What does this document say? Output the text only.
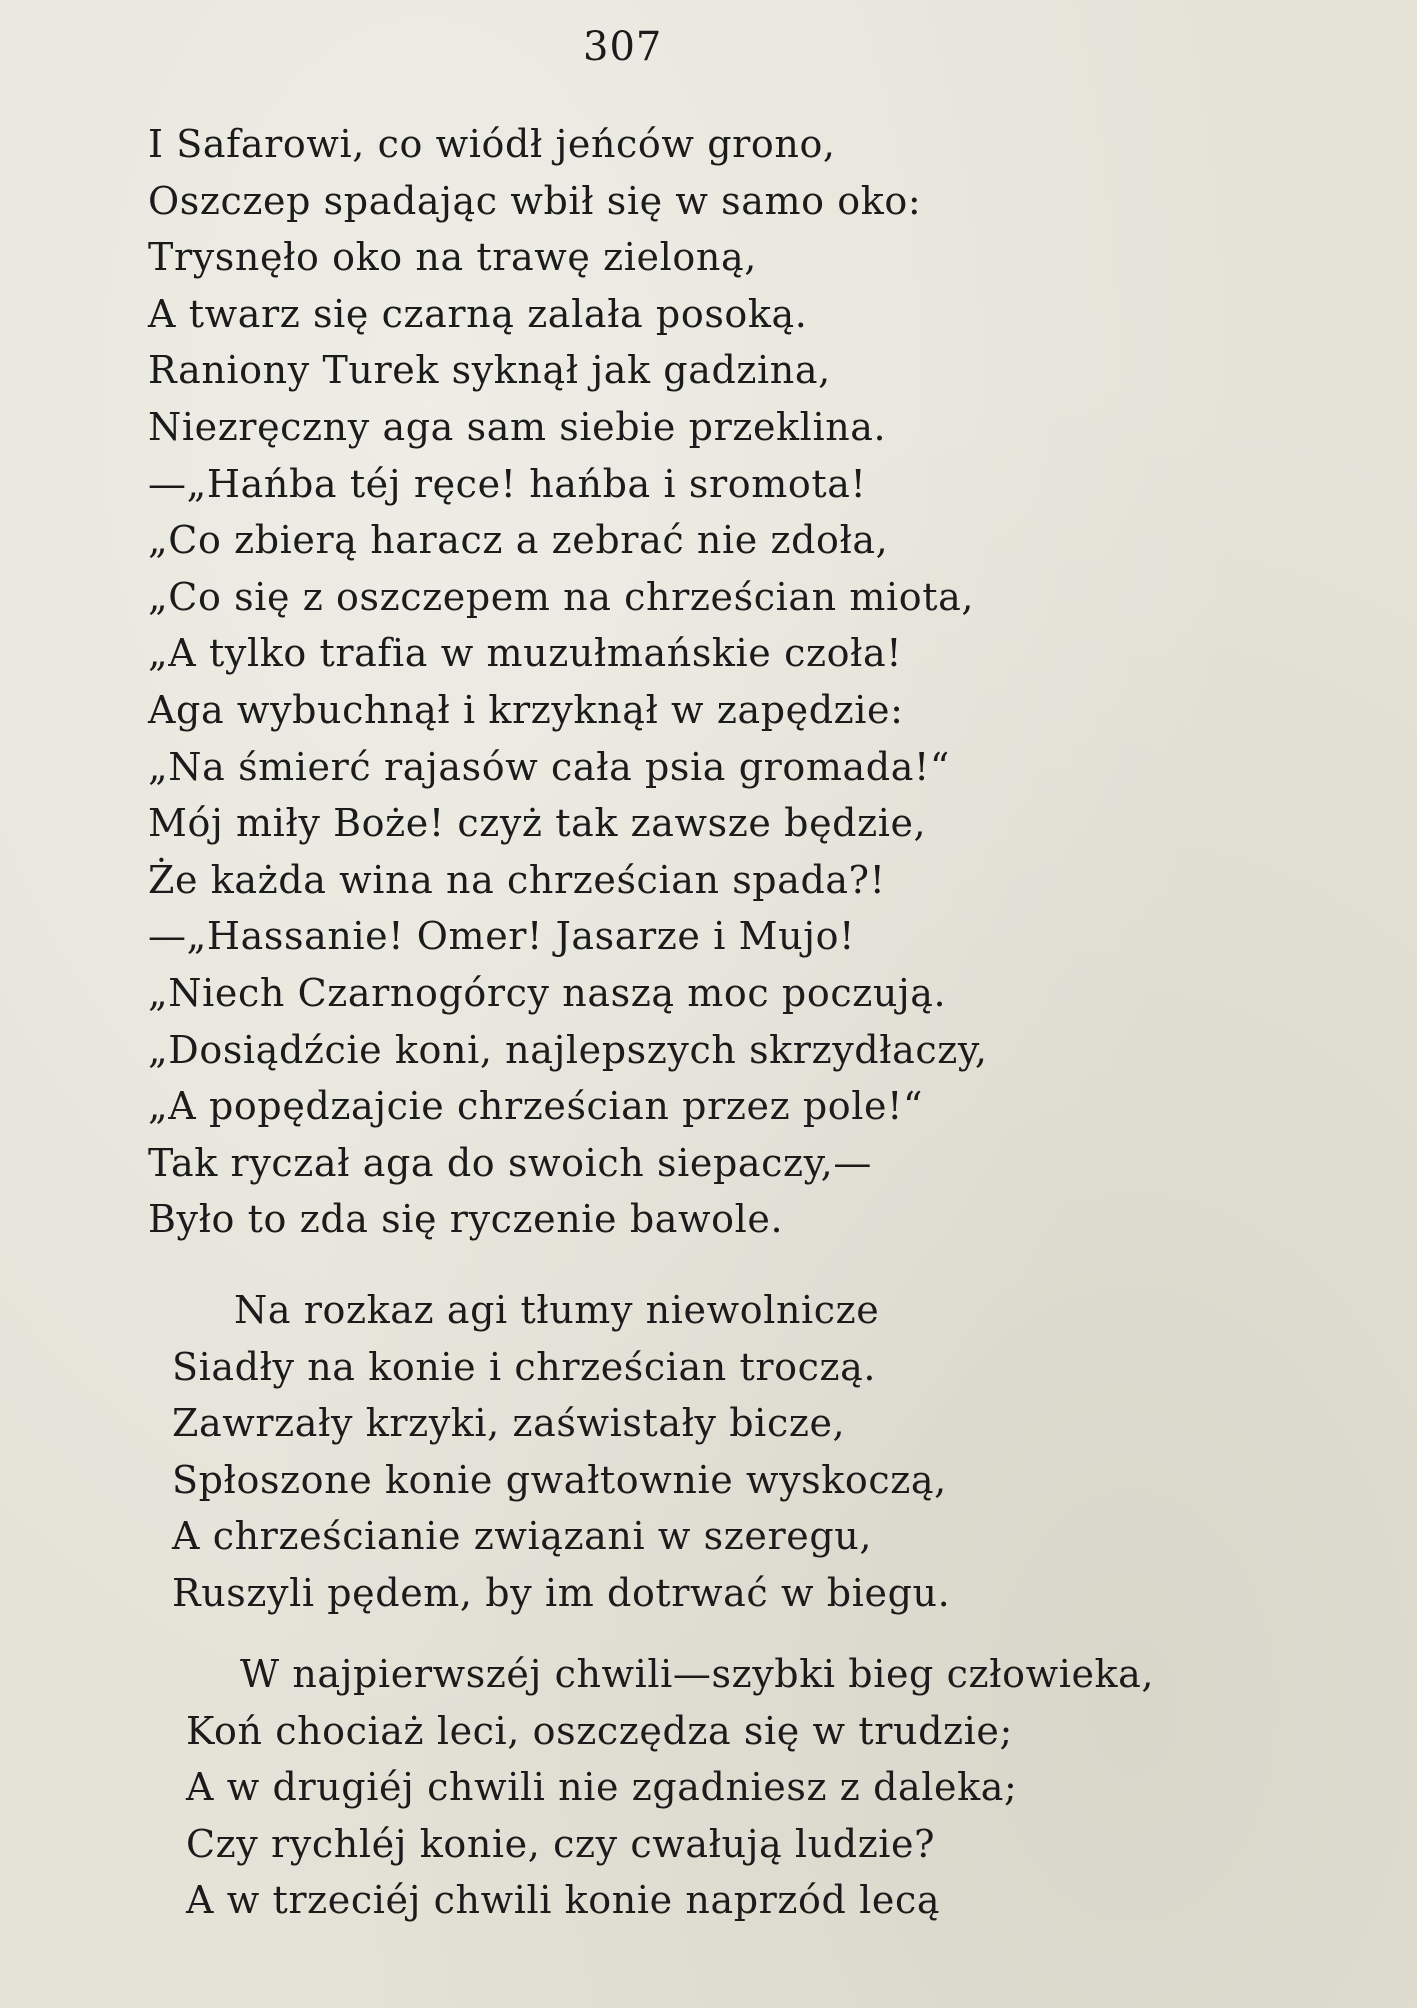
307
I Safarowi, co wiódł jeńców grono,
Oszczep spadając wbił się w samo oko:
Trysnęło oko na trawę zieloną,
A twarz się czarną zalała posoką.
Raniony Turek syknął jak gadzina,
Niezręczny aga sam siebie przeklina.
—„Hańba téj ręce! hańba i sromota!
„Co zbierą haracz a zebrać nie zdoła,
„Co się z oszczepem na chrześcian miota,
„A tylko trafia w muzułmańskie czoła!
Aga wybuchnął i krzyknął w zapędzie:
„Na śmierć rajasów cała psia gromada!“
Mój miły Boże! czyż tak zawsze będzie,
Że każda wina na chrześcian spada?!
—„Hassanie! Omer! Jasarze i Mujo!
„Niech Czarnogórcy naszą moc poczują.
„Dosiądźcie koni, najlepszych skrzydłaczy,
„A popędzajcie chrześcian przez pole!“
Tak ryczał aga do swoich siepaczy,—
Było to zda się ryczenie bawole.
Na rozkaz agi tłumy niewolnicze
Siadły na konie i chrześcian troczą.
Zawrzały krzyki, zaświstały bicze,
Spłoszone konie gwałtownie wyskoczą,
A chrześcianie związani w szeregu,
Ruszyli pędem, by im dotrwać w biegu.
W najpierwszéj chwili—szybki bieg człowieka,
Koń chociaż leci, oszczędza się w trudzie;
A w drugiéj chwili nie zgadniesz z daleka;
Czy rychléj konie, czy cwałują ludzie?
A w trzeciéj chwili konie naprzód lecą
